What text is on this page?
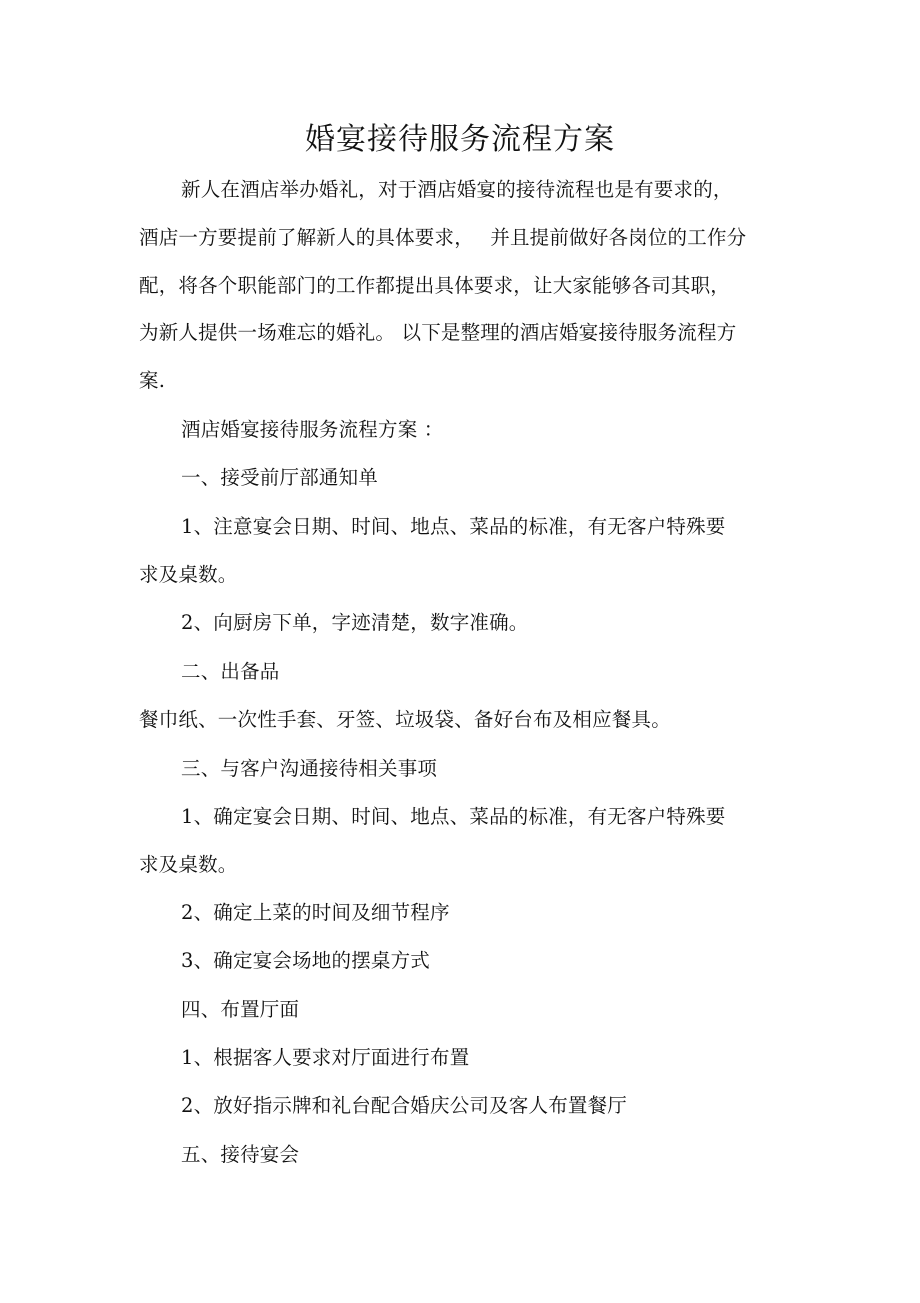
婚宴接待服务流程方案
新人在酒店举办婚礼，对于酒店婚宴的接待流程也是有要求的，
酒店一方要提前了解新人的具体要求，　 并且提前做好各岗位的工作分
配，将各个职能部门的工作都提出具体要求，让大家能够各司其职，
为新人提供一场难忘的婚礼。 以下是整理的酒店婚宴接待服务流程方
案.
酒店婚宴接待服务流程方案 ：
一、接受前厅部通知单
1、注意宴会日期、时间、地点、菜品的标准，有无客户特殊要
求及桌数。
2、向厨房下单，字迹清楚，数字准确。
二、出备品
餐巾纸、一次性手套、牙签、垃圾袋、备好台布及相应餐具。
三、与客户沟通接待相关事项
1、确定宴会日期、时间、地点、菜品的标准，有无客户特殊要
求及桌数。
2、确定上菜的时间及细节程序
3、确定宴会场地的摆桌方式
四、布置厅面
1、根据客人要求对厅面进行布置
2、放好指示牌和礼台配合婚庆公司及客人布置餐厅
五、接待宴会
